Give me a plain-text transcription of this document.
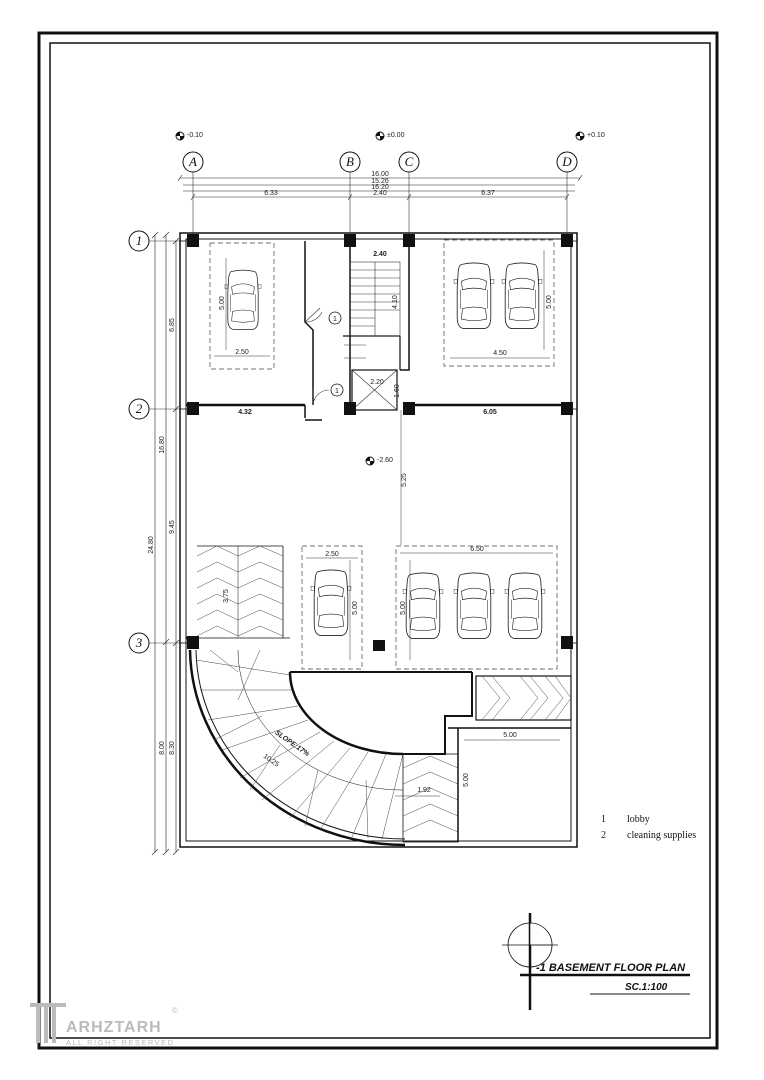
-0.10	±0.00	+0.10
A	B	C	D
16.00
15.26
16.20
6.33	2.40	6.37
1
2
3
6.85
9.45
16.80
24.80
8.00 8.30
2.40
4.10
2.20
1.60
1
1
4.32	6.05
2.50
5.00
4.50
5.00
-2.60
5.25
2.50
5.00
6.50
5.00
3.75
10.25
SLOPE:17%
1.92
5.00
5.00
1 lobby
2 cleaning supplies
-1 BASEMENT FLOOR PLAN
SC.1:100
ARHZTARH
ALL RIGHT RESERVED
©
